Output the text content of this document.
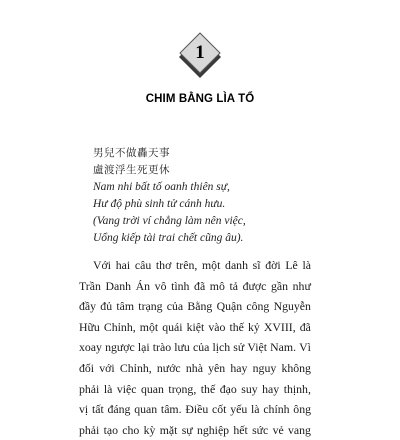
1
CHIM BẰNG LÌA TỔ
男兒不做轟天事
盧渡浮生死更休
Nam nhi bất tố oanh thiên sự,
Hư độ phù sinh tử cánh hưu.
(Vang trời ví chẳng làm nên việc,
Uổng kiếp tài trai chết cũng âu).
Với hai câu thơ trên, một danh sĩ đời Lê là
Trần Danh Án vô tình đã mô tả được gần như
đầy đủ tâm trạng của Bằng Quận công Nguyễn
Hữu Chỉnh, một quái kiệt vào thế kỷ XVIII, đã
xoay ngược lại trào lưu của lịch sử Việt Nam. Vì
đối với Chỉnh, nước nhà yên hay nguy không
phải là việc quan trọng, thế đạo suy hay thịnh,
vị tất đáng quan tâm. Điều cốt yếu là chính ông
phải tạo cho kỳ mặt sự nghiệp hết sức vẻ vang
